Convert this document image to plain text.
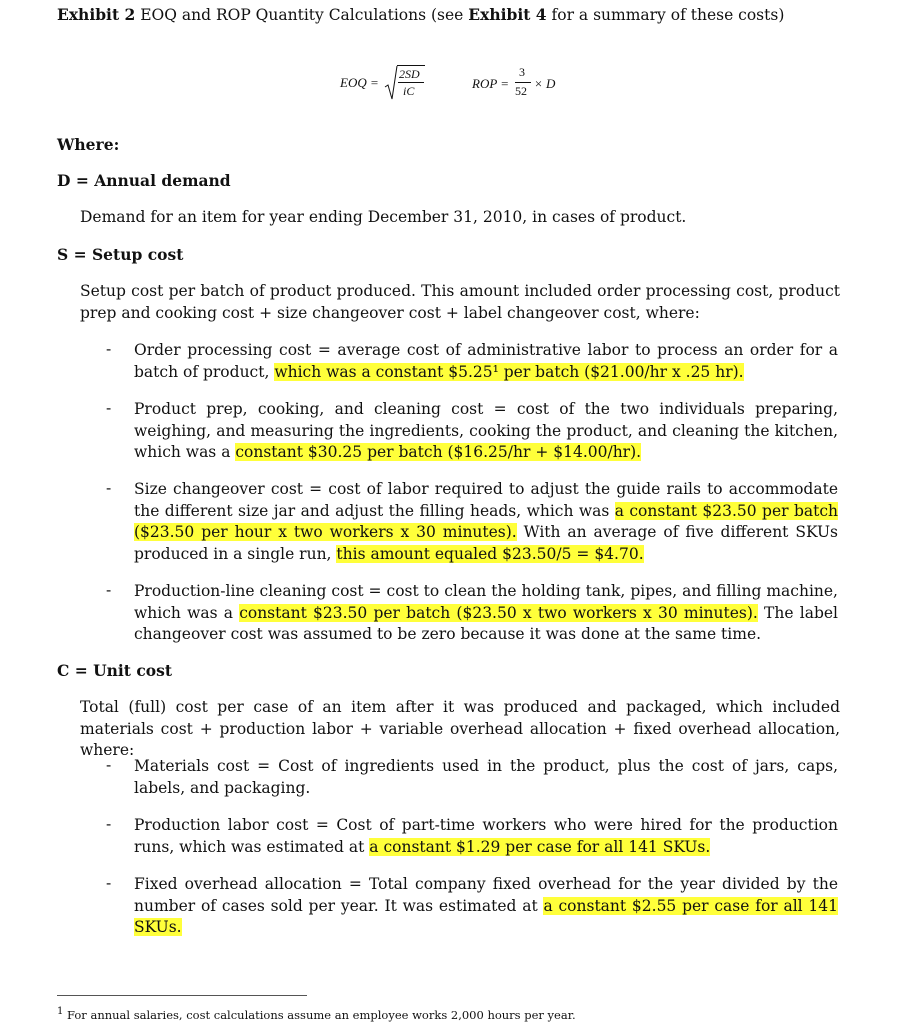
Exhibit 2 EOQ and ROP Quantity Calculations (see Exhibit 4 for a summary of these costs)
EOQ =
2SD
iC	ROP =
3
52 × D
Where:
D = Annual demand
Demand for an item for year ending December 31, 2010, in cases of product.
S = Setup cost
Setup cost per batch of product produced. This amount included order processing cost, product prep and cooking cost + size changeover cost + label changeover cost, where:
- Order processing cost = average cost of administrative labor to process an order for a batch of product, which was a constant $5.25¹ per batch ($21.00/hr x .25 hr).
- Product prep, cooking, and cleaning cost = cost of the two individuals preparing, weighing, and measuring the ingredients, cooking the product, and cleaning the kitchen, which was a constant $30.25 per batch ($16.25/hr + $14.00/hr).
- Size changeover cost = cost of labor required to adjust the guide rails to accommodate the different size jar and adjust the filling heads, which was a constant $23.50 per batch ($23.50 per hour x two workers x 30 minutes). With an average of five different SKUs produced in a single run, this amount equaled $23.50/5 = $4.70.
- Production-line cleaning cost = cost to clean the holding tank, pipes, and filling machine, which was a constant $23.50 per batch ($23.50 x two workers x 30 minutes). The label changeover cost was assumed to be zero because it was done at the same time.
C = Unit cost
Total (full) cost per case of an item after it was produced and packaged, which included materials cost + production labor + variable overhead allocation + fixed overhead allocation, where:
- Materials cost = Cost of ingredients used in the product, plus the cost of jars, caps, labels, and packaging.
- Production labor cost = Cost of part-time workers who were hired for the production runs, which was estimated at a constant $1.29 per case for all 141 SKUs.
- Fixed overhead allocation = Total company fixed overhead for the year divided by the number of cases sold per year. It was estimated at a constant $2.55 per case for all 141 SKUs.
$^1$ For annual salaries, cost calculations assume an employee works 2,000 hours per year.
